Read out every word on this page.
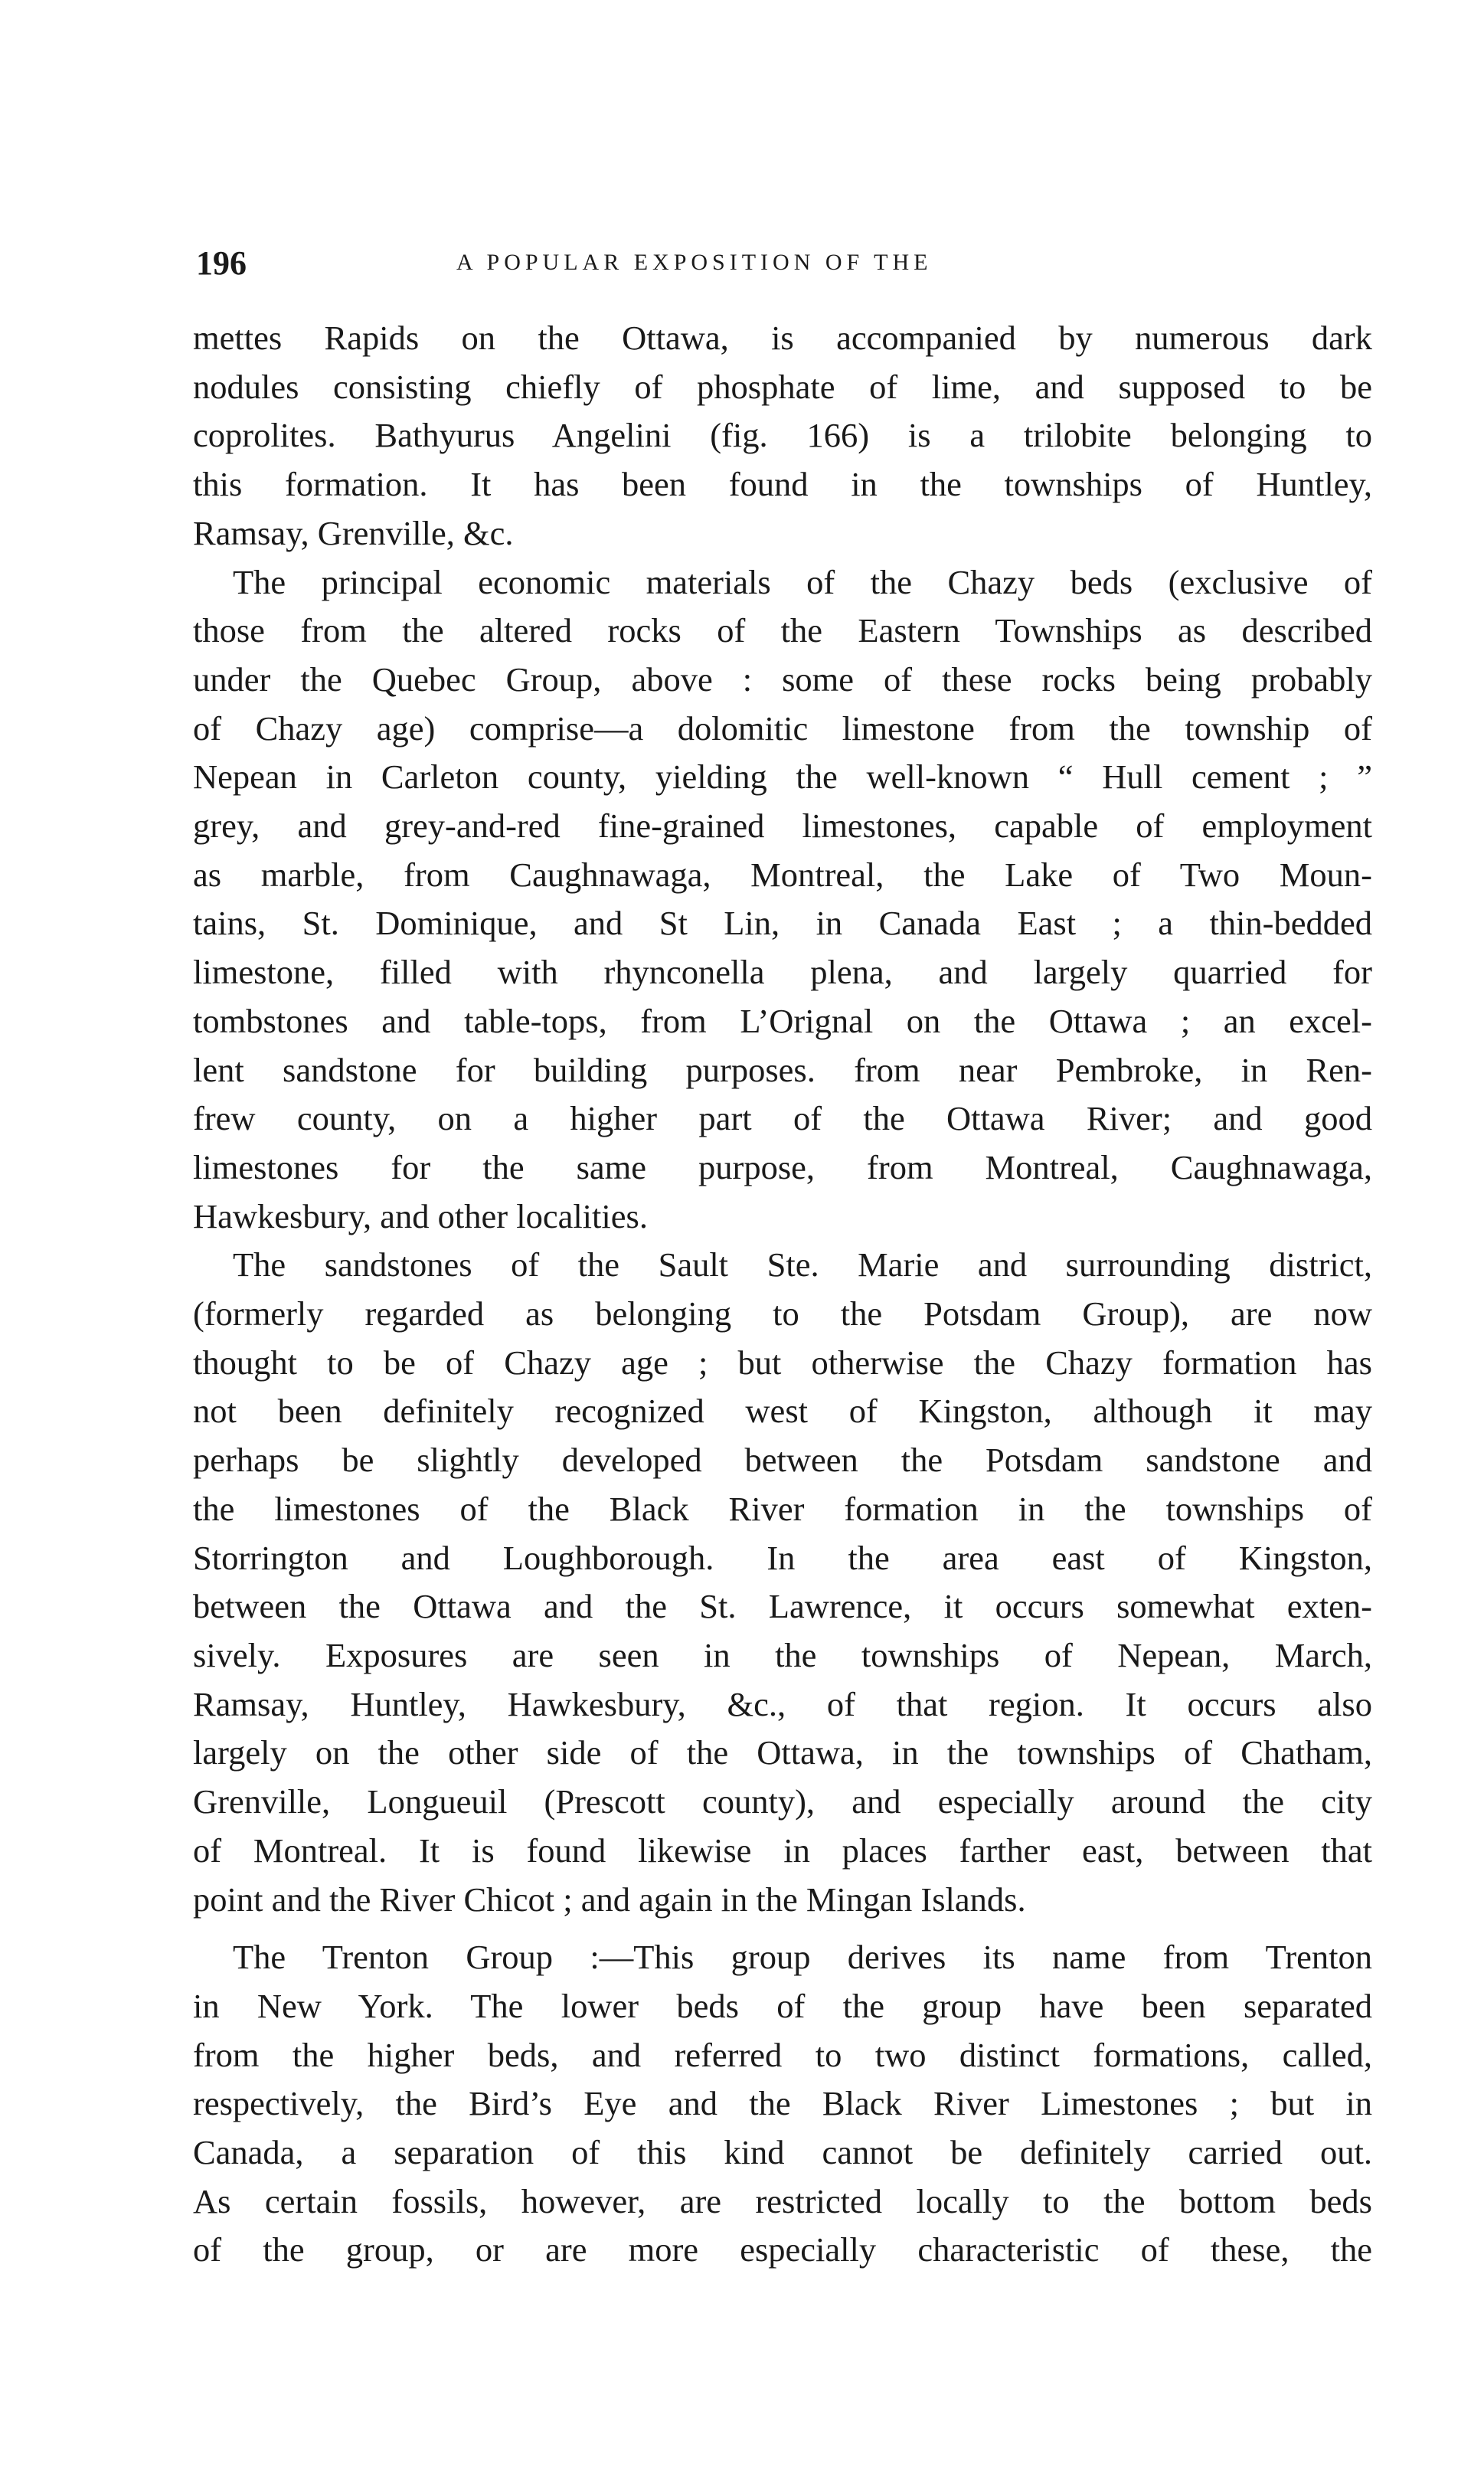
196	A POPULAR EXPOSITION OF THE
mettes Rapids on the Ottawa, is accompanied by numerous dark
nodules consisting chiefly of phosphate of lime, and supposed to be
coprolites. Bathyurus Angelini (fig. 166) is a trilobite belonging to
this formation. It has been found in the townships of Huntley,
Ramsay, Grenville, &c.
The principal economic materials of the Chazy beds (exclusive of
those from the altered rocks of the Eastern Townships as described
under the Quebec Group, above : some of these rocks being probably
of Chazy age) comprise—a dolomitic limestone from the township of
Nepean in Carleton county, yielding the well-known “ Hull cement ; ”
grey, and grey-and-red fine-grained limestones, capable of employment
as marble, from Caughnawaga, Montreal, the Lake of Two Moun-
tains, St. Dominique, and St Lin, in Canada East ; a thin-bedded
limestone, filled with rhynconella plena, and largely quarried for
tombstones and table-tops, from L’Orignal on the Ottawa ; an excel-
lent sandstone for building purposes. from near Pembroke, in Ren-
frew county, on a higher part of the Ottawa River; and good
limestones for the same purpose, from Montreal, Caughnawaga,
Hawkesbury, and other localities.
The sandstones of the Sault Ste. Marie and surrounding district,
(formerly regarded as belonging to the Potsdam Group), are now
thought to be of Chazy age ; but otherwise the Chazy formation has
not been definitely recognized west of Kingston, although it may
perhaps be slightly developed between the Potsdam sandstone and
the limestones of the Black River formation in the townships of
Storrington and Loughborough. In the area east of Kingston,
between the Ottawa and the St. Lawrence, it occurs somewhat exten-
sively. Exposures are seen in the townships of Nepean, March,
Ramsay, Huntley, Hawkesbury, &c., of that region. It occurs also
largely on the other side of the Ottawa, in the townships of Chatham,
Grenville, Longueuil (Prescott county), and especially around the city
of Montreal. It is found likewise in places farther east, between that
point and the River Chicot ; and again in the Mingan Islands.
The Trenton Group :—This group derives its name from Trenton
in New York. The lower beds of the group have been separated
from the higher beds, and referred to two distinct formations, called,
respectively, the Bird’s Eye and the Black River Limestones ; but in
Canada, a separation of this kind cannot be definitely carried out.
As certain fossils, however, are restricted locally to the bottom beds
of the group, or are more especially characteristic of these, the
